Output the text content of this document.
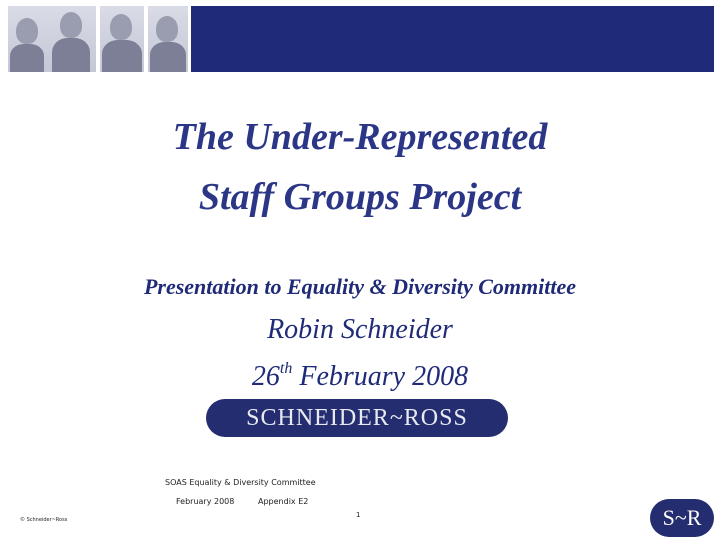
The Under-Represented
Staff Groups Project
Presentation to Equality & Diversity Committee
Robin Schneider
26th February 2008
SCHNEIDER~ROSS
SOAS Equality & Diversity Committee
February 2008	Appendix E2
1
© Schneider~Ross	S~R
